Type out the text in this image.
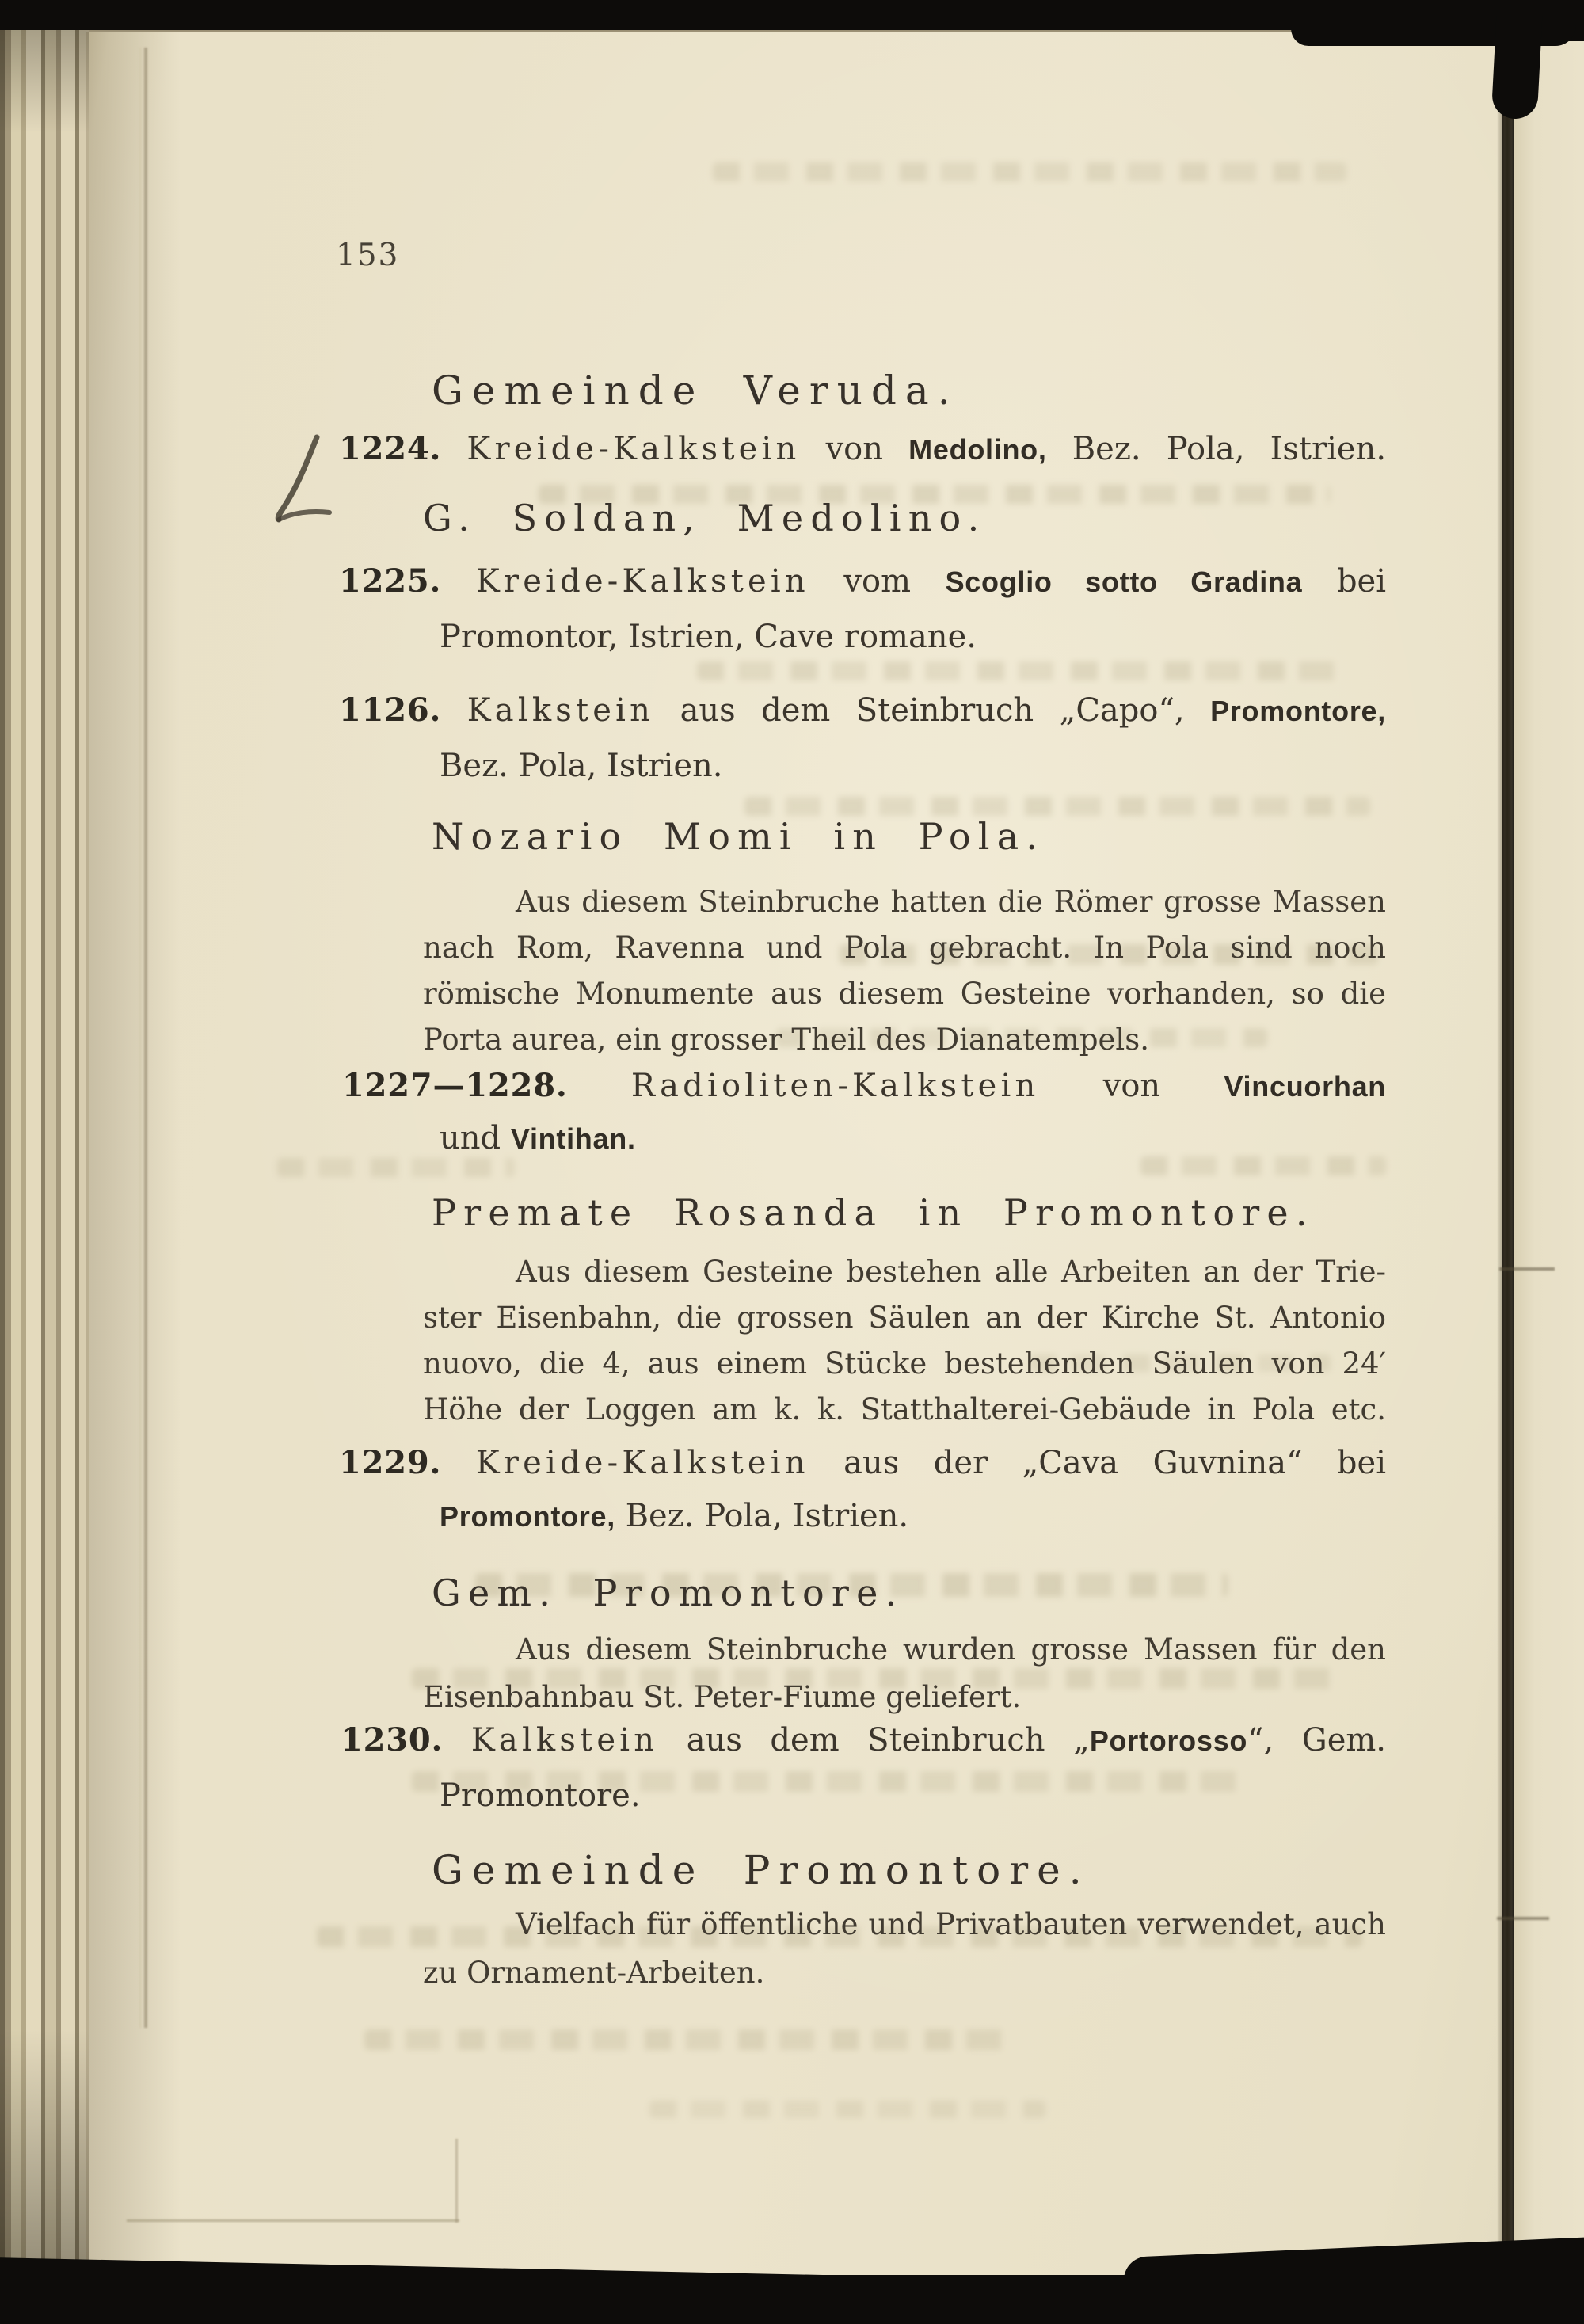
153
Gemeinde Veruda.
1224. Kreide-Kalkstein von Medolino, Bez. Pola, Istrien.
G. Soldan, Medolino.
1225. Kreide-Kalkstein vom Scoglio sotto Gradina bei
Promontor, Istrien, Cave romane.
1126. Kalkstein aus dem Steinbruch „Capo“, Promontore,
Bez. Pola, Istrien.
Nozario Momi in Pola.
Aus diesem Steinbruche hatten die Römer grosse Massen
nach Rom, Ravenna und Pola gebracht. In Pola sind noch
römische Monumente aus diesem Gesteine vorhanden, so die
Porta aurea, ein grosser Theil des Dianatempels.
1227—1228. Radioliten-Kalkstein von Vincuorhan
und Vintihan.
Premate Rosanda in Promontore.
Aus diesem Gesteine bestehen alle Arbeiten an der Trie-
ster Eisenbahn, die grossen Säulen an der Kirche St. Antonio
nuovo, die 4, aus einem Stücke bestehenden Säulen von 24′
Höhe der Loggen am k. k. Statthalterei-Gebäude in Pola etc.
1229. Kreide-Kalkstein aus der „Cava Guvnina“ bei
Promontore, Bez. Pola, Istrien.
Gem. Promontore.
Aus diesem Steinbruche wurden grosse Massen für den
Eisenbahnbau St. Peter-Fiume geliefert.
1230. Kalkstein aus dem Steinbruch „Portorosso“, Gem.
Promontore.
Gemeinde Promontore.
Vielfach für öffentliche und Privatbauten verwendet, auch
zu Ornament-Arbeiten.
